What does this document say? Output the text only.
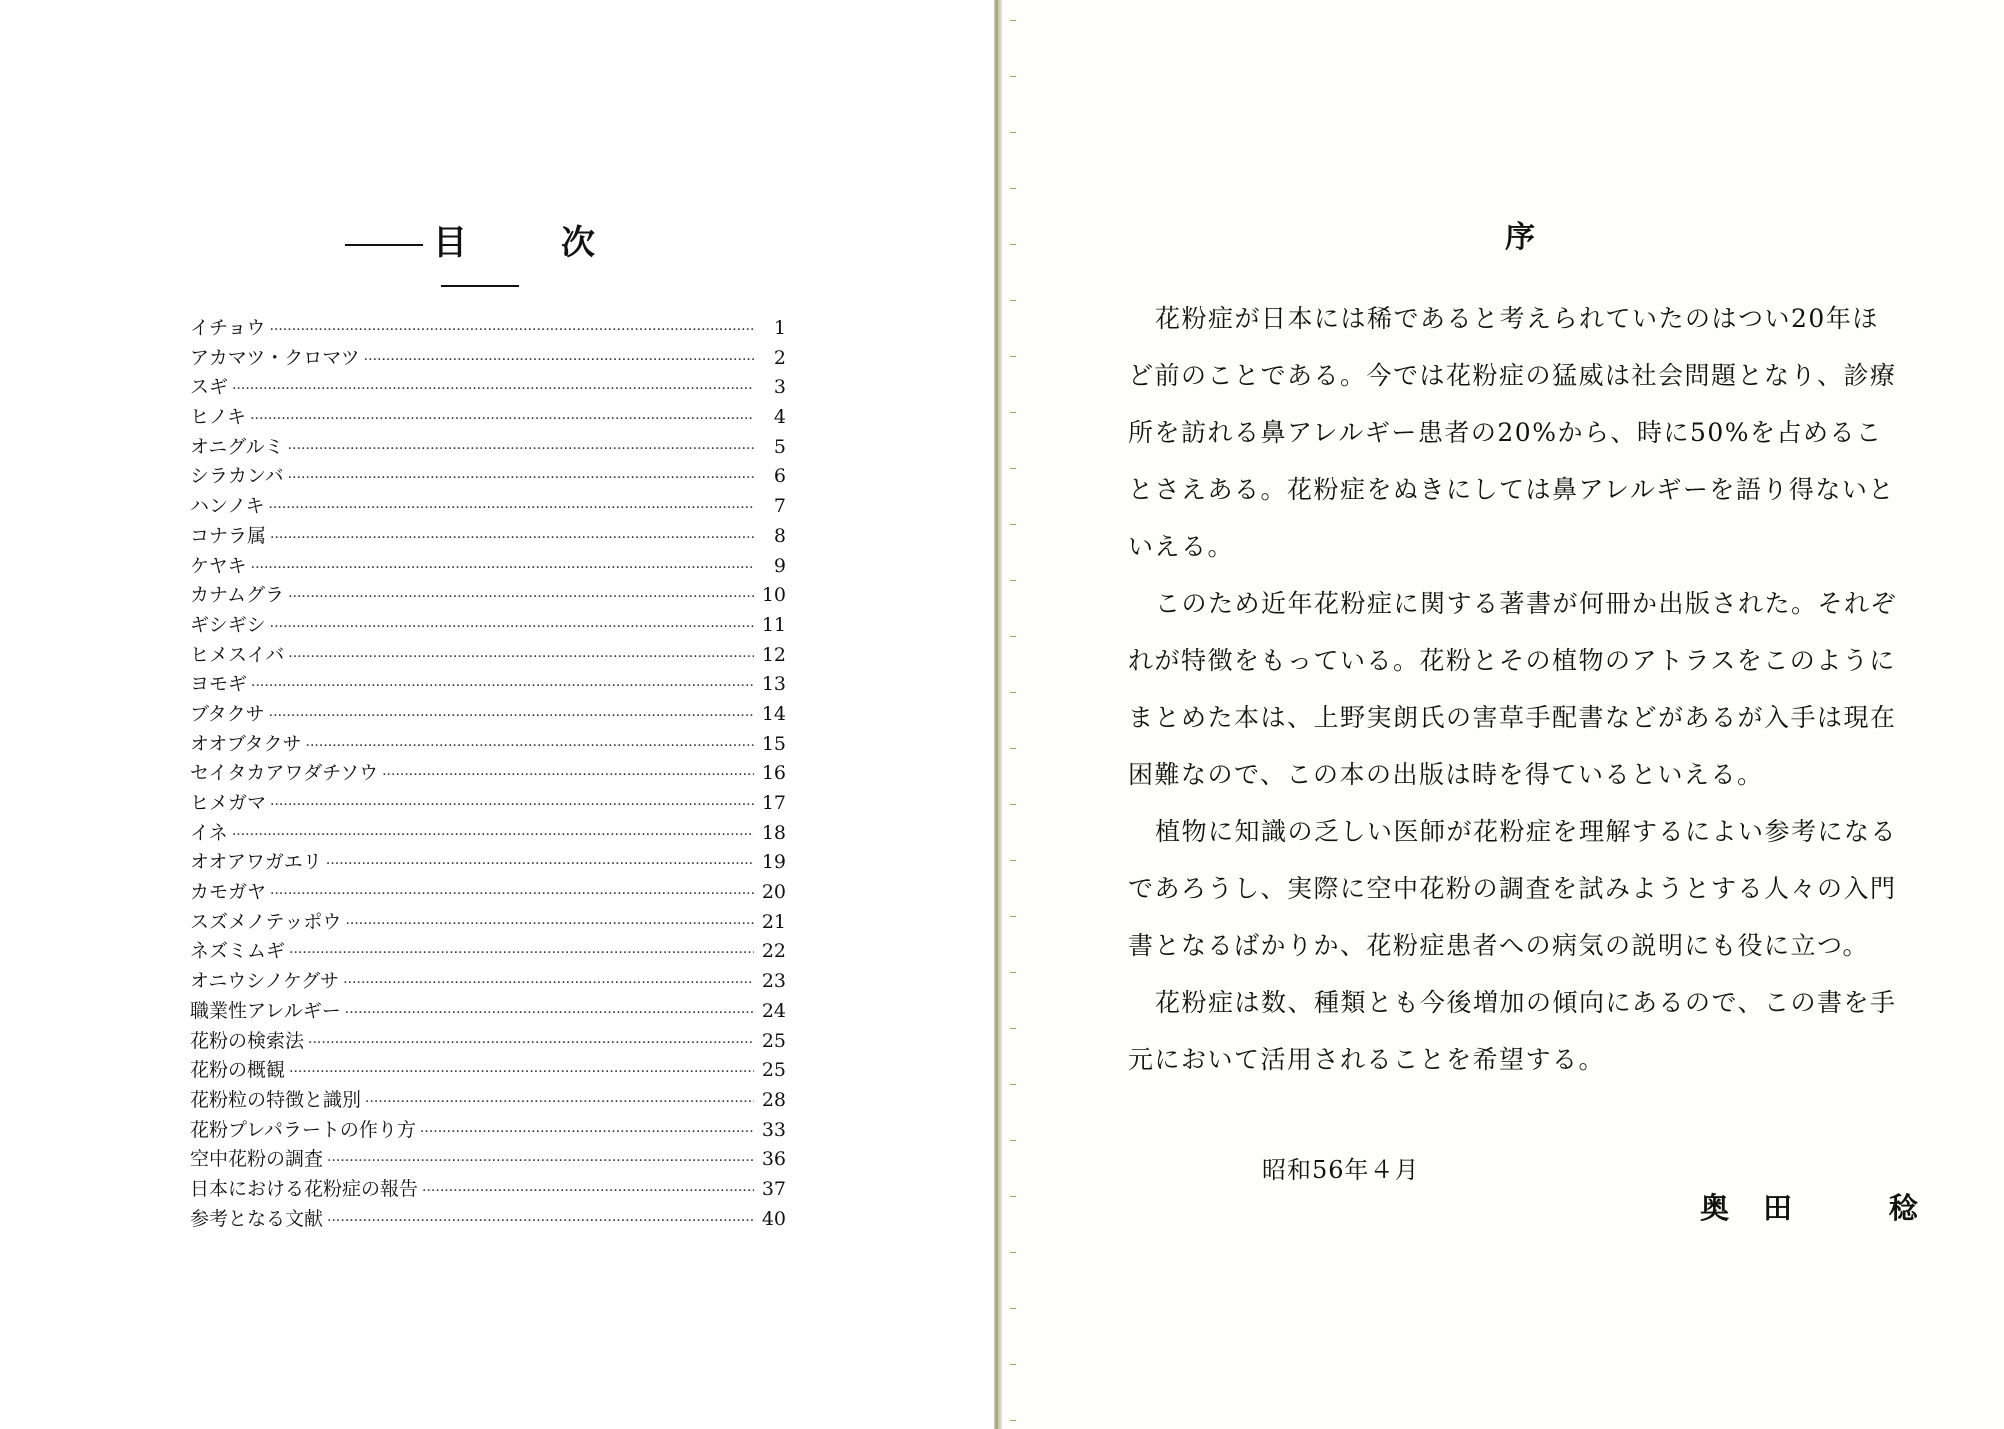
目　次
イチョウ ·····	1
アカマツ・クロマツ ·····	2
スギ ·····	3
ヒノキ ·····	4
オニグルミ ·····	5
シラカンバ ·····	6
ハンノキ ·····	7
コナラ属 ·····	8
ケヤキ ·····	9
カナムグラ ·····	10
ギシギシ ·····	11
ヒメスイバ ·····	12
ヨモギ ·····	13
ブタクサ ·····	14
オオブタクサ ·····	15
セイタカアワダチソウ ·····	16
ヒメガマ ·····	17
イネ ·····	18
オオアワガエリ ·····	19
カモガヤ ·····	20
スズメノテッポウ ·····	21
ネズミムギ ·····	22
オニウシノケグサ ·····	23
職業性アレルギー ·····	24
花粉の検索法 ·····	25
花粉の概観 ·····	25
花粉粒の特徴と識別 ·····	28
花粉プレパラートの作り方 ·····	33
空中花粉の調査 ·····	36
日本における花粉症の報告 ·····	37
参考となる文献 ·····	40
序

花粉症が日本には稀であると考えられていたのはつい20年ほど前のことである。今では花粉症の猛威は社会問題となり、診療所を訪れる鼻アレルギー患者の20%から、時に50%を占めることさえある。花粉症をぬきにしては鼻アレルギーを語り得ないといえる。

このため近年花粉症に関する著書が何冊か出版された。それぞれが特徴をもっている。花粉とその植物のアトラスをこのようにまとめた本は、上野実朗氏の害草手配書などがあるが入手は現在困難なので、この本の出版は時を得ているといえる。

植物に知識の乏しい医師が花粉症を理解するによい参考になるであろうし、実際に空中花粉の調査を試みようとする人々の入門書となるばかりか、花粉症患者への病気の説明にも役に立つ。

花粉症は数、種類とも今後増加の傾向にあるので、この書を手元において活用されることを希望する。

昭和56年４月
奥田　稔
